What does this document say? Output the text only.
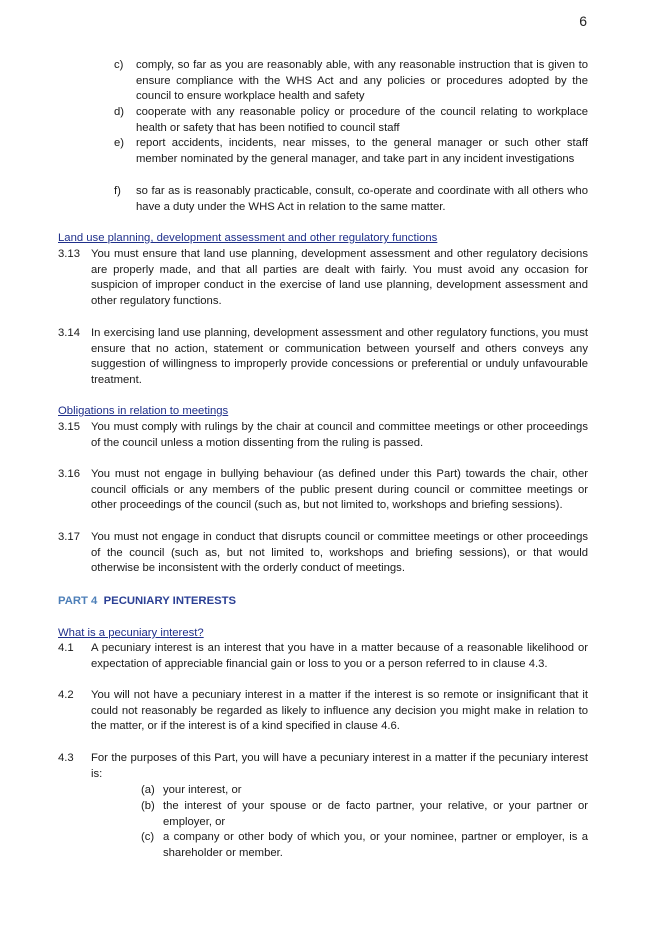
6
c) comply, so far as you are reasonably able, with any reasonable instruction that is given to ensure compliance with the WHS Act and any policies or procedures adopted by the council to ensure workplace health and safety
d) cooperate with any reasonable policy or procedure of the council relating to workplace health or safety that has been notified to council staff
e) report accidents, incidents, near misses, to the general manager or such other staff member nominated by the general manager, and take part in any incident investigations
f) so far as is reasonably practicable, consult, co-operate and coordinate with all others who have a duty under the WHS Act in relation to the same matter.
Land use planning, development assessment and other regulatory functions
3.13 You must ensure that land use planning, development assessment and other regulatory decisions are properly made, and that all parties are dealt with fairly. You must avoid any occasion for suspicion of improper conduct in the exercise of land use planning, development assessment and other regulatory functions.
3.14 In exercising land use planning, development assessment and other regulatory functions, you must ensure that no action, statement or communication between yourself and others conveys any suggestion of willingness to improperly provide concessions or preferential or unduly unfavourable treatment.
Obligations in relation to meetings
3.15 You must comply with rulings by the chair at council and committee meetings or other proceedings of the council unless a motion dissenting from the ruling is passed.
3.16 You must not engage in bullying behaviour (as defined under this Part) towards the chair, other council officials or any members of the public present during council or committee meetings or other proceedings of the council (such as, but not limited to, workshops and briefing sessions).
3.17 You must not engage in conduct that disrupts council or committee meetings or other proceedings of the council (such as, but not limited to, workshops and briefing sessions), or that would otherwise be inconsistent with the orderly conduct of meetings.
PART 4 PECUNIARY INTERESTS
What is a pecuniary interest?
4.1 A pecuniary interest is an interest that you have in a matter because of a reasonable likelihood or expectation of appreciable financial gain or loss to you or a person referred to in clause 4.3.
4.2 You will not have a pecuniary interest in a matter if the interest is so remote or insignificant that it could not reasonably be regarded as likely to influence any decision you might make in relation to the matter, or if the interest is of a kind specified in clause 4.6.
4.3 For the purposes of this Part, you will have a pecuniary interest in a matter if the pecuniary interest is:
(a) your interest, or
(b) the interest of your spouse or de facto partner, your relative, or your partner or employer, or
(c) a company or other body of which you, or your nominee, partner or employer, is a shareholder or member.
